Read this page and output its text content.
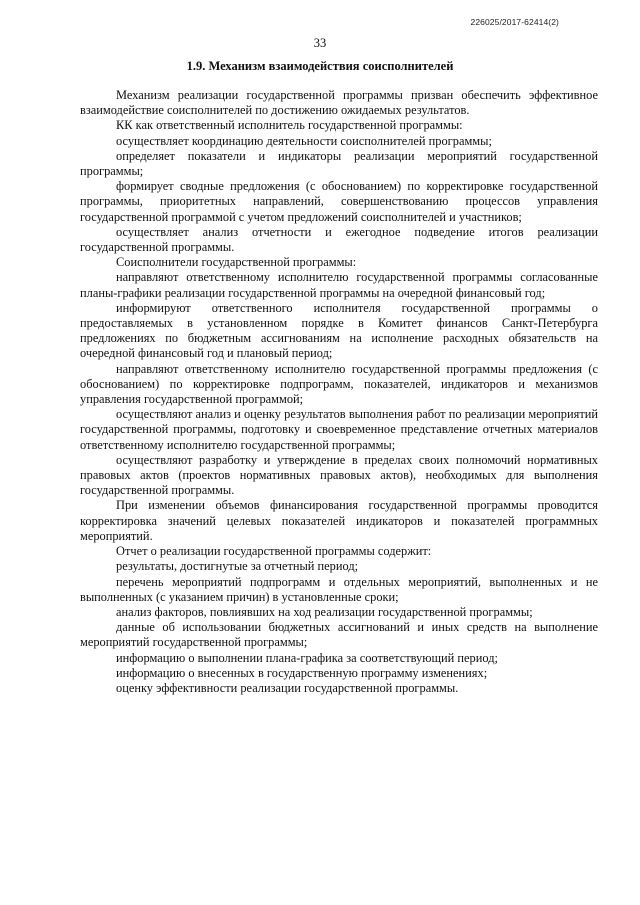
226025/2017-62414(2)
33
1.9. Механизм взаимодействия соисполнителей

Механизм реализации государственной программы призван обеспечить эффективное взаимодействие соисполнителей по достижению ожидаемых результатов.

КК как ответственный исполнитель государственной программы:

осуществляет координацию деятельности соисполнителей программы;

определяет показатели и индикаторы реализации мероприятий государственной программы;

формирует сводные предложения (с обоснованием) по корректировке государственной программы, приоритетных направлений, совершенствованию процессов управления государственной программой с учетом предложений соисполнителей и участников;

осуществляет анализ отчетности и ежегодное подведение итогов реализации государственной программы.

Соисполнители государственной программы:

направляют ответственному исполнителю государственной программы согласованные планы-графики реализации государственной программы на очередной финансовый год;

информируют ответственного исполнителя государственной программы о предоставляемых в установленном порядке в Комитет финансов Санкт-Петербурга предложениях по бюджетным ассигнованиям на исполнение расходных обязательств на очередной финансовый год и плановый период;

направляют ответственному исполнителю государственной программы предложения (с обоснованием) по корректировке подпрограмм, показателей, индикаторов и механизмов управления государственной программой;

осуществляют анализ и оценку результатов выполнения работ по реализации мероприятий государственной программы, подготовку и своевременное представление отчетных материалов ответственному исполнителю государственной программы;

осуществляют разработку и утверждение в пределах своих полномочий нормативных правовых актов (проектов нормативных правовых актов), необходимых для выполнения государственной программы.

При изменении объемов финансирования государственной программы проводится корректировка значений целевых показателей индикаторов и показателей программных мероприятий.

Отчет о реализации государственной программы содержит:

результаты, достигнутые за отчетный период;

перечень мероприятий подпрограмм и отдельных мероприятий, выполненных и не выполненных (с указанием причин) в установленные сроки;

анализ факторов, повлиявших на ход реализации государственной программы;

данные об использовании бюджетных ассигнований и иных средств на выполнение мероприятий государственной программы;

информацию о выполнении плана-графика за соответствующий период;

информацию о внесенных в государственную программу изменениях;

оценку эффективности реализации государственной программы.
